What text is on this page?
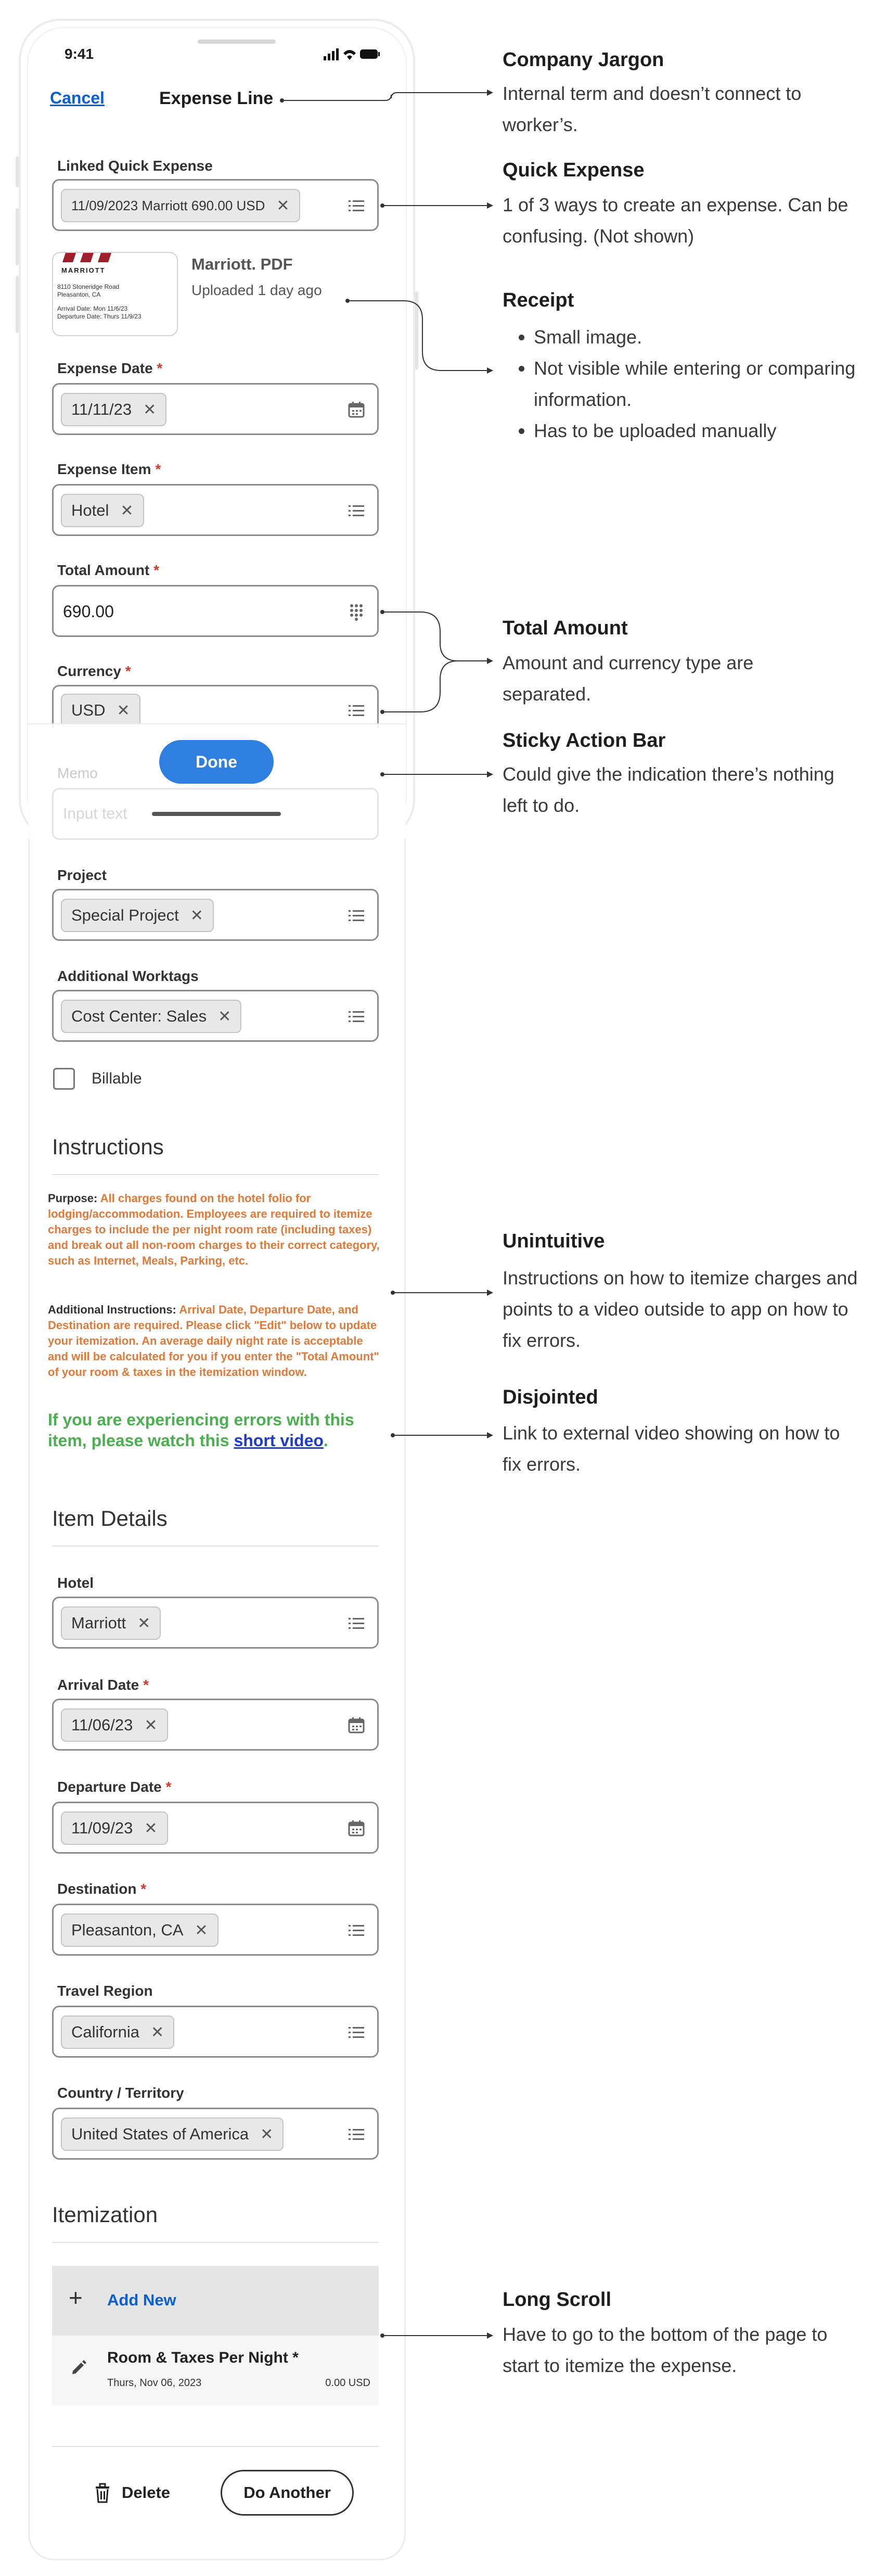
9:41
Cancel	Expense Line
Linked Quick Expense
11/09/2023 Marriott 690.00 USD ✕
MARRIOTT
8110 Stoneridge Road
Pleasanton, CA
Arrival Date: Mon 11/6/23
Departure Date: Thurs 11/9/23
Marriott. PDF
Uploaded 1 day ago
Expense Date *
11/11/23 ✕
Expense Item *
Hotel ✕
Total Amount *
690.00
Currency *
USD ✕
Memo
Input text
Done
Project
Special Project ✕
Additional Worktags
Cost Center: Sales ✕
Billable
Instructions
Purpose: All charges found on the hotel folio for lodging/accommodation. Employees are required to itemize charges to include the per night room rate (including taxes) and break out all non-room charges to their correct category, such as Internet, Meals, Parking, etc.
Additional Instructions: Arrival Date, Departure Date, and Destination are required. Please click "Edit" below to update your itemization. An average daily night rate is acceptable and will be calculated for you if you enter the "Total Amount" of your room & taxes in the itemization window.
If you are experiencing errors with this item, please watch this short video.
Item Details
Hotel
Marriott ✕
Arrival Date *
11/06/23 ✕
Departure Date *
11/09/23 ✕
Destination *
Pleasanton, CA ✕
Travel Region
California ✕
Country / Territory
United States of America ✕
Itemization
+ Add New
Room & Taxes Per Night *
Thurs, Nov 06, 2023	0.00 USD
Delete	Do Another
Company Jargon
Internal term and doesn’t connect to worker’s.
Quick Expense
1 of 3 ways to create an expense. Can be confusing. (Not shown)
Receipt
• Small image.
• Not visible while entering or comparing information.
• Has to be uploaded manually
Total Amount
Amount and currency type are separated.
Sticky Action Bar
Could give the indication there’s nothing left to do.
Unintuitive
Instructions on how to itemize charges and points to a video outside to app on how to fix errors.
Disjointed
Link to external video showing on how to fix errors.
Long Scroll
Have to go to the bottom of the page to start to itemize the expense.
